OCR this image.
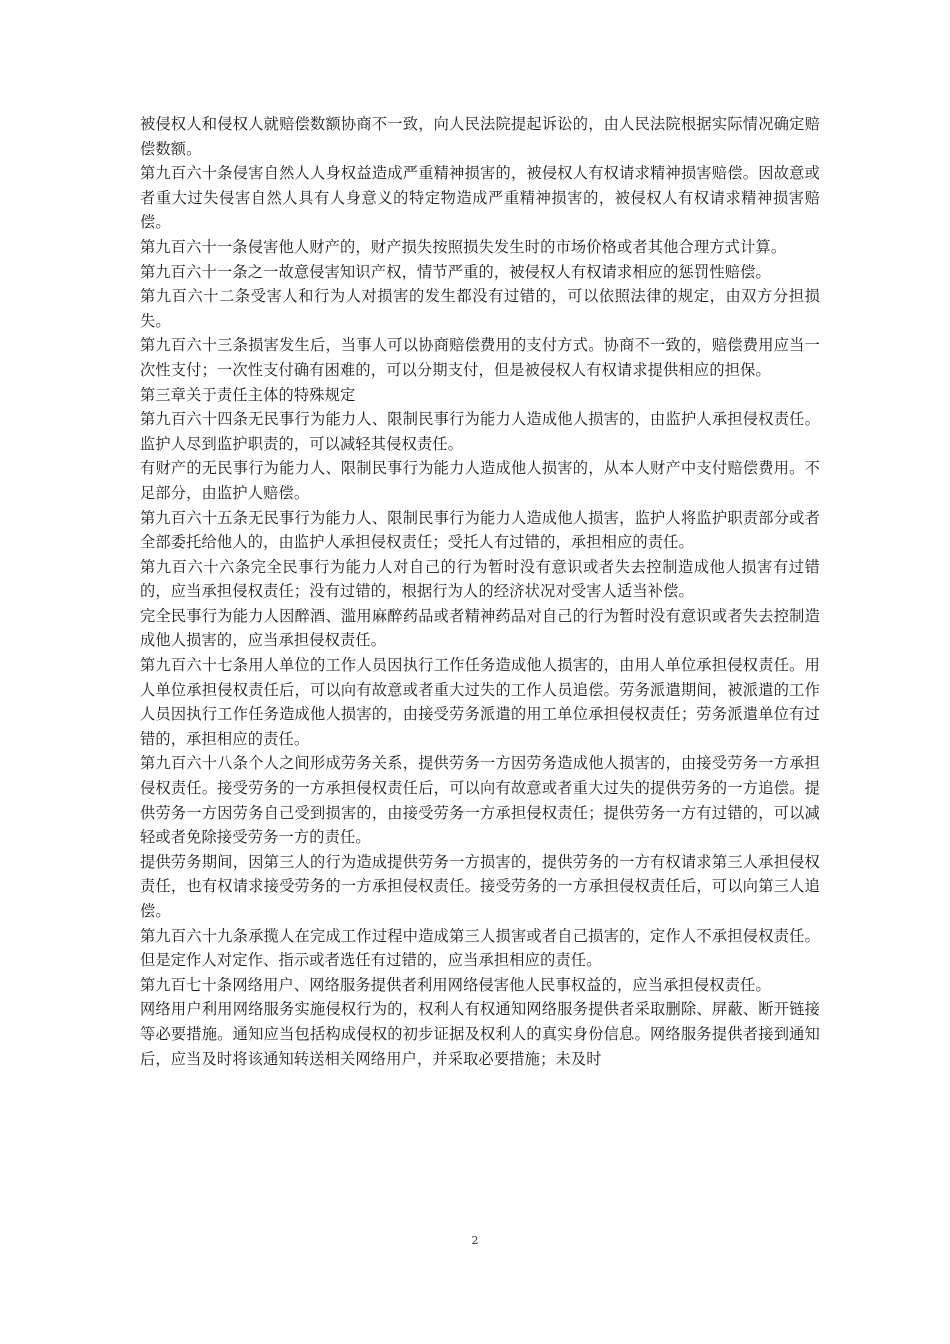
被侵权人和侵权人就赔偿数额协商不一致，向人民法院提起诉讼的，由人民法院根据实际情况确定赔偿数额。

第九百六十条侵害自然人人身权益造成严重精神损害的，被侵权人有权请求精神损害赔偿。因故意或者重大过失侵害自然人具有人身意义的特定物造成严重精神损害的，被侵权人有权请求精神损害赔偿。

第九百六十一条侵害他人财产的，财产损失按照损失发生时的市场价格或者其他合理方式计算。

第九百六十一条之一故意侵害知识产权，情节严重的，被侵权人有权请求相应的惩罚性赔偿。

第九百六十二条受害人和行为人对损害的发生都没有过错的，可以依照法律的规定，由双方分担损失。

第九百六十三条损害发生后，当事人可以协商赔偿费用的支付方式。协商不一致的，赔偿费用应当一次性支付；一次性支付确有困难的，可以分期支付，但是被侵权人有权请求提供相应的担保。

第三章关于责任主体的特殊规定

第九百六十四条无民事行为能力人、限制民事行为能力人造成他人损害的，由监护人承担侵权责任。监护人尽到监护职责的，可以减轻其侵权责任。

有财产的无民事行为能力人、限制民事行为能力人造成他人损害的，从本人财产中支付赔偿费用。不足部分，由监护人赔偿。

第九百六十五条无民事行为能力人、限制民事行为能力人造成他人损害，监护人将监护职责部分或者全部委托给他人的，由监护人承担侵权责任；受托人有过错的，承担相应的责任。

第九百六十六条完全民事行为能力人对自己的行为暂时没有意识或者失去控制造成他人损害有过错的，应当承担侵权责任；没有过错的，根据行为人的经济状况对受害人适当补偿。

完全民事行为能力人因醉酒、滥用麻醉药品或者精神药品对自己的行为暂时没有意识或者失去控制造成他人损害的，应当承担侵权责任。

第九百六十七条用人单位的工作人员因执行工作任务造成他人损害的，由用人单位承担侵权责任。用人单位承担侵权责任后，可以向有故意或者重大过失的工作人员追偿。劳务派遣期间，被派遣的工作人员因执行工作任务造成他人损害的，由接受劳务派遣的用工单位承担侵权责任；劳务派遣单位有过错的，承担相应的责任。

第九百六十八条个人之间形成劳务关系，提供劳务一方因劳务造成他人损害的，由接受劳务一方承担侵权责任。接受劳务的一方承担侵权责任后，可以向有故意或者重大过失的提供劳务的一方追偿。提供劳务一方因劳务自己受到损害的，由接受劳务一方承担侵权责任；提供劳务一方有过错的，可以减轻或者免除接受劳务一方的责任。

提供劳务期间，因第三人的行为造成提供劳务一方损害的，提供劳务的一方有权请求第三人承担侵权责任，也有权请求接受劳务的一方承担侵权责任。接受劳务的一方承担侵权责任后，可以向第三人追偿。

第九百六十九条承揽人在完成工作过程中造成第三人损害或者自己损害的，定作人不承担侵权责任。但是定作人对定作、指示或者选任有过错的，应当承担相应的责任。

第九百七十条网络用户、网络服务提供者利用网络侵害他人民事权益的，应当承担侵权责任。

网络用户利用网络服务实施侵权行为的，权利人有权通知网络服务提供者采取删除、屏蔽、断开链接等必要措施。通知应当包括构成侵权的初步证据及权利人的真实身份信息。网络服务提供者接到通知后，应当及时将该通知转送相关网络用户，并采取必要措施；未及时

2
